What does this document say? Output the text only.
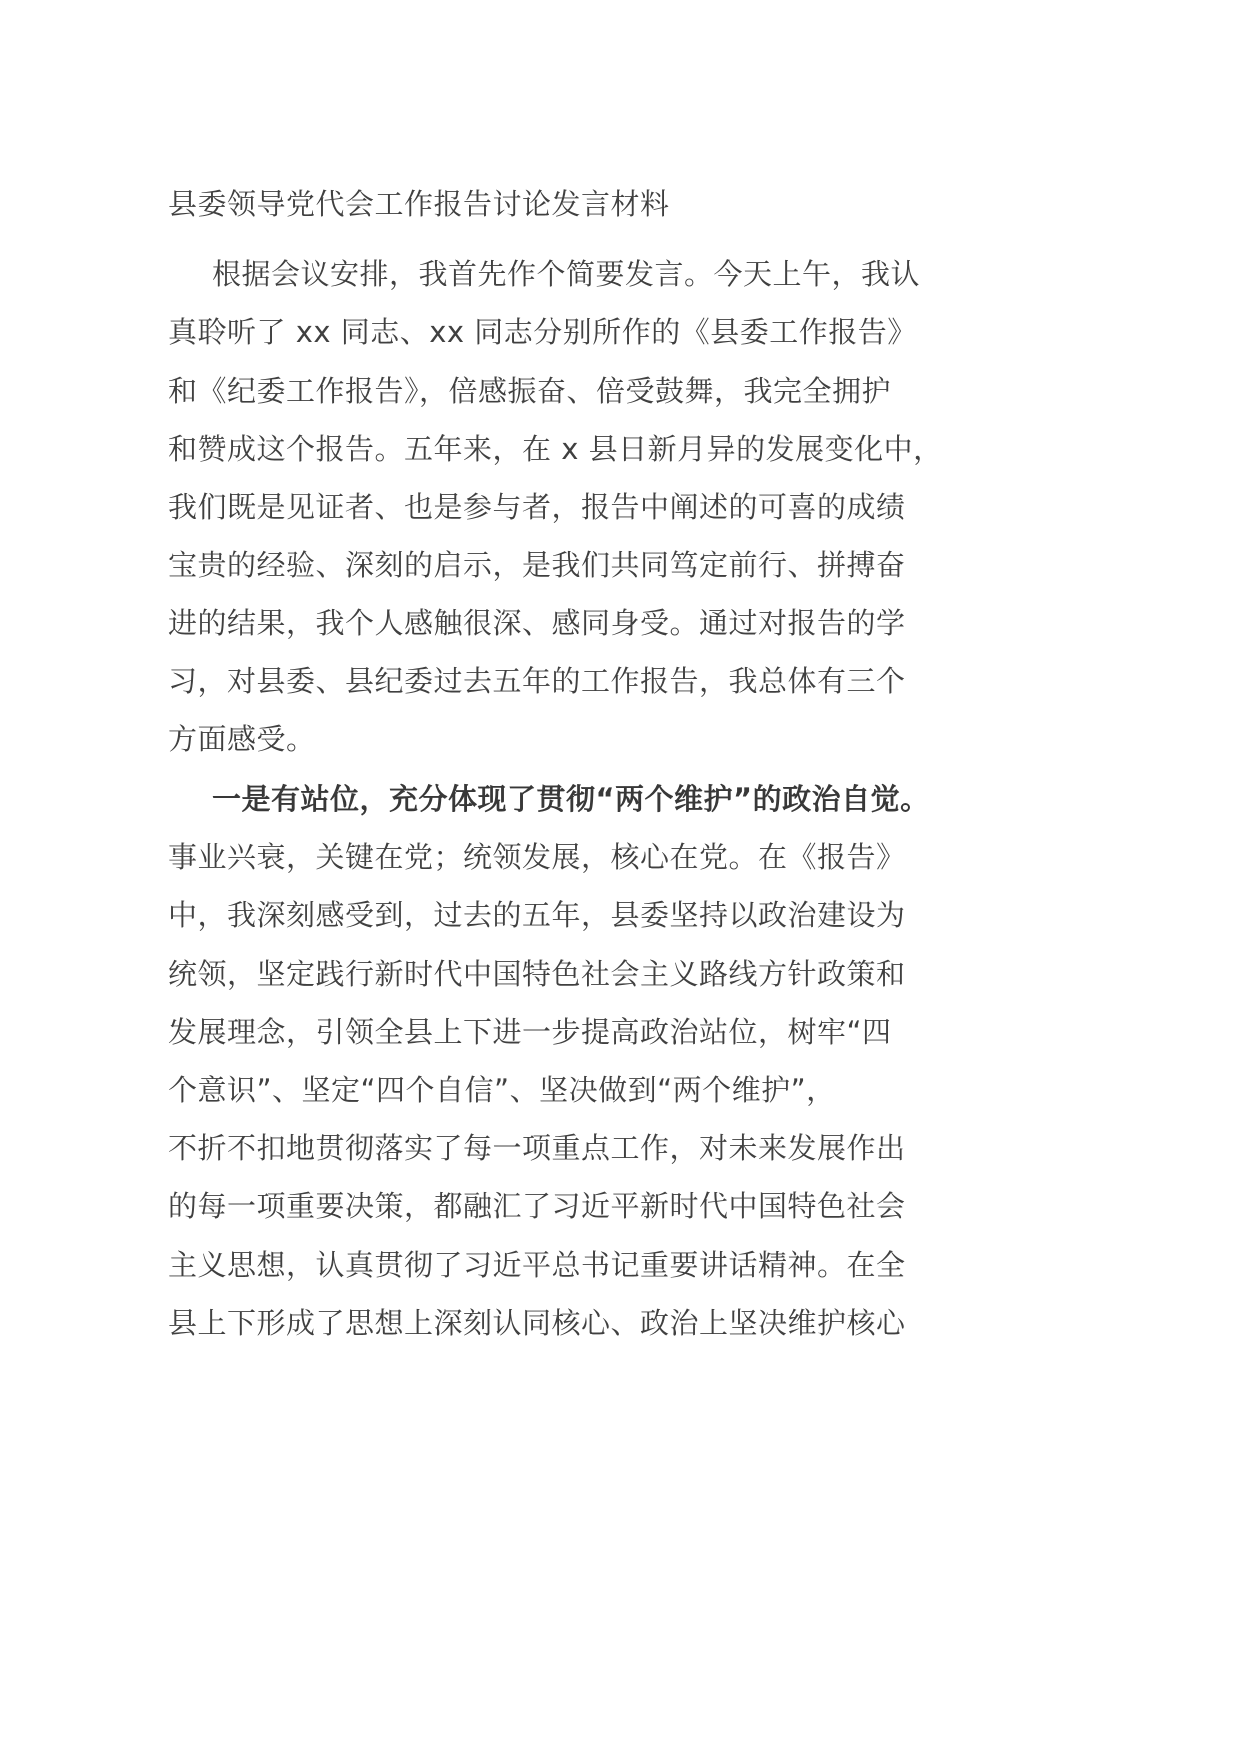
县委领导党代会工作报告讨论发言材料
根据会议安排，我首先作个简要发言。今天上午，我认
真聆听了 xx 同志、xx 同志分别所作的《县委工作报告》
和《纪委工作报告》，倍感振奋、倍受鼓舞，我完全拥护
和赞成这个报告。五年来，在 x 县日新月异的发展变化中，
我们既是见证者、也是参与者，报告中阐述的可喜的成绩
宝贵的经验、深刻的启示，是我们共同笃定前行、拼搏奋
进的结果，我个人感触很深、感同身受。通过对报告的学
习，对县委、县纪委过去五年的工作报告，我总体有三个
方面感受。
一是有站位，充分体现了贯彻“两个维护”的政治自觉。
事业兴衰，关键在党；统领发展，核心在党。在《报告》
中，我深刻感受到，过去的五年，县委坚持以政治建设为
统领，坚定践行新时代中国特色社会主义路线方针政策和
发展理念，引领全县上下进一步提高政治站位，树牢“四
个意识”、坚定“四个自信”、坚决做到“两个维护”，
不折不扣地贯彻落实了每一项重点工作，对未来发展作出
的每一项重要决策，都融汇了习近平新时代中国特色社会
主义思想，认真贯彻了习近平总书记重要讲话精神。在全
县上下形成了思想上深刻认同核心、政治上坚决维护核心
